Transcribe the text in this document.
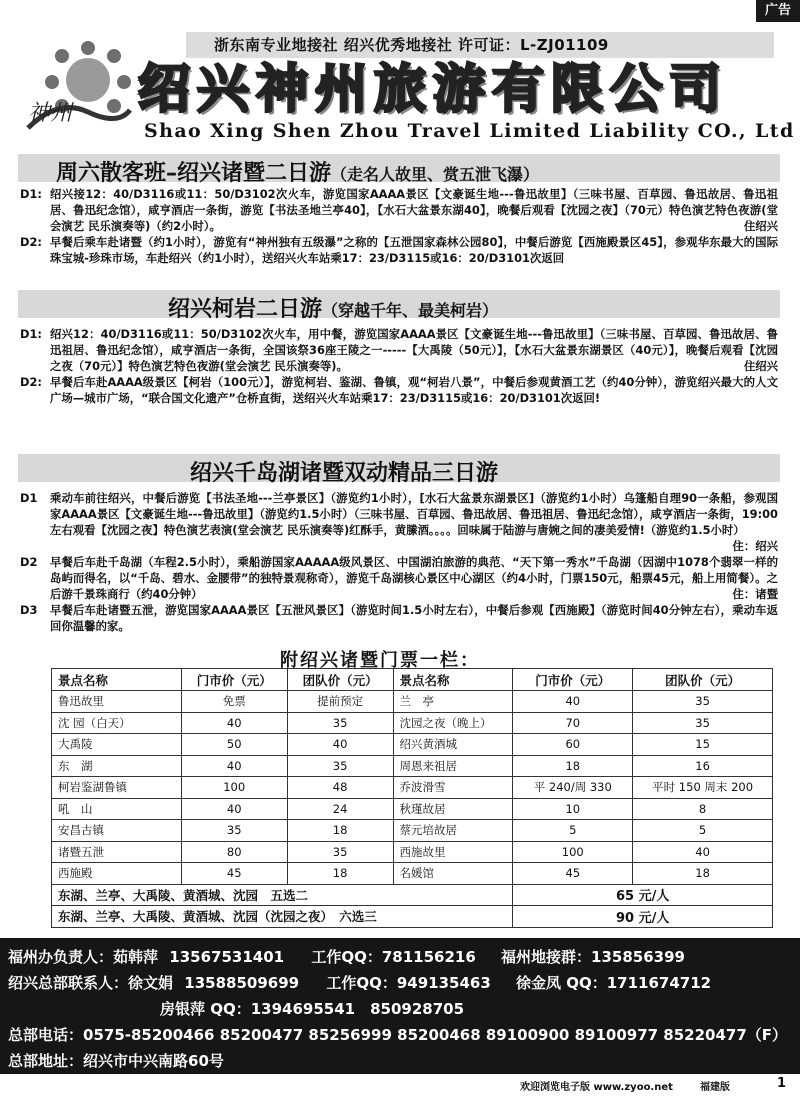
广告
浙东南专业地接社 绍兴优秀地接社 许可证：L-ZJ01109
神州 绍兴神州旅游有限公司
Shao Xing Shen Zhou Travel Limited Liability CO., Ltd
周六散客班–绍兴诸暨二日游（走名人故里、赏五泄飞瀑）
D1: 绍兴接12：40/D3116或11：50/D3102次火车，游览国家AAAA景区【文豪诞生地---鲁迅故里】（三味书屋、百草园、鲁迅故居、鲁迅祖居、鲁迅纪念馆），咸亨酒店一条街，游览【书法圣地兰亭40】，【水石大盆景东湖40】，晚餐后观看【沈园之夜】（70元）特色演艺特色夜游(堂会演艺 民乐演奏等)（约2小时）。	住绍兴
D2: 早餐后乘车赴诸暨（约1小时），游览有“神州独有五级瀑”之称的【五泄国家森林公园80】，中餐后游览【西施殿景区45】，参观华东最大的国际珠宝城-珍珠市场，车赴绍兴（约1小时），送绍兴火车站乘17：23/D3115或16：20/D3101次返回
绍兴柯岩二日游（穿越千年、最美柯岩）
D1: 绍兴12：40/D3116或11：50/D3102次火车，用中餐，游览国家AAAA景区【文豪诞生地---鲁迅故里】（三味书屋、百草园、鲁迅故居、鲁迅祖居、鲁迅纪念馆），咸亨酒店一条街，全国该祭36座王陵之一-----【大禹陵（50元）】，【水石大盆景东湖景区（40元）】，晚餐后观看【沈园之夜（70元）】特色演艺特色夜游(堂会演艺 民乐演奏等)。	住绍兴
D2: 早餐后车赴AAAA级景区【柯岩（100元）】，游览柯岩、鉴湖、鲁镇，观“柯岩八景”，中餐后参观黄酒工艺（约40分钟），游览绍兴最大的人文广场—城市广场，“联合国文化遗产”仓桥直街，送绍兴火车站乘17：23/D3115或16：20/D3101次返回!
绍兴千岛湖诸暨双动精品三日游
D1	乘动车前往绍兴，中餐后游览【书法圣地---兰亭景区】（游览约1小时），[水石大盆景东湖景区]（游览约1小时）乌篷船自理90一条船，参观国家AAAA景区【文豪诞生地---鲁迅故里】（游览约1.5小时）（三味书屋、百草园、鲁迅故居、鲁迅祖居、鲁迅纪念馆），咸亨酒店一条街，19:00左右观看【沈园之夜】特色演艺表演(堂会演艺 民乐演奏等)红酥手，黄縢酒。。。。回味属于陆游与唐婉之间的凄美爱情!（游览约1.5小时）
住：绍兴
D2	早餐后车赴千岛湖（车程2.5小时），乘船游国家AAAAA级风景区、中国湖泊旅游的典范、“天下第一秀水”千岛湖（因湖中1078个翡翠一样的岛屿而得名，以“千岛、碧水、金腰带”的独特景观称奇），游览千岛湖核心景区中心湖区（约4小时，门票150元，船票45元，船上用简餐）。之后游千景珠商行（约40分钟）	住：诸暨
D3	早餐后车赴诸暨五泄，游览国家AAAA景区【五泄风景区】（游览时间1.5小时左右），中餐后参观【西施殿】（游览时间40分钟左右），乘动车返回你温馨的家。
附绍兴诸暨门票一栏：
景点名称	门市价（元）	团队价（元）	景点名称	门市价（元）	团队价（元）
鲁迅故里	免票	提前预定	兰　亭	40	35
沈 园（白天）	40	35	沈园之夜（晚上）	70	35
大禹陵	50	40	绍兴黄酒城	60	15
东　湖	40	35	周恩来祖居	18	16
柯岩鉴湖鲁镇	100	48	乔波滑雪	平 240/周 330	平时 150 周末 200
吼　山	40	24	秋瑾故居	10	8
安昌古镇	35	18	蔡元培故居	5	5
诸暨五泄	80	35	西施故里	100	40
西施殿	45	18	名媛馆	45	18
东湖、兰亭、大禹陵、黄酒城、沈园　五选二				65 元/人	
东湖、兰亭、大禹陵、黄酒城、沈园（沈园之夜）　六选三				90 元/人	
福州办负责人：茹韩萍 13567531401 工作QQ：781156216 福州地接群：135856399
绍兴总部联系人：徐文娟 13588509699 工作QQ：949135463 徐金凤 QQ：1711674712
房银萍 QQ：1394695541　850928705
总部电话：0575-85200466 85200477 85256999 85200468 89100900 89100977 85220477（F）
总部地址：绍兴市中兴南路60号
欢迎浏览电子版 www.zyoo.net	福建版	1
